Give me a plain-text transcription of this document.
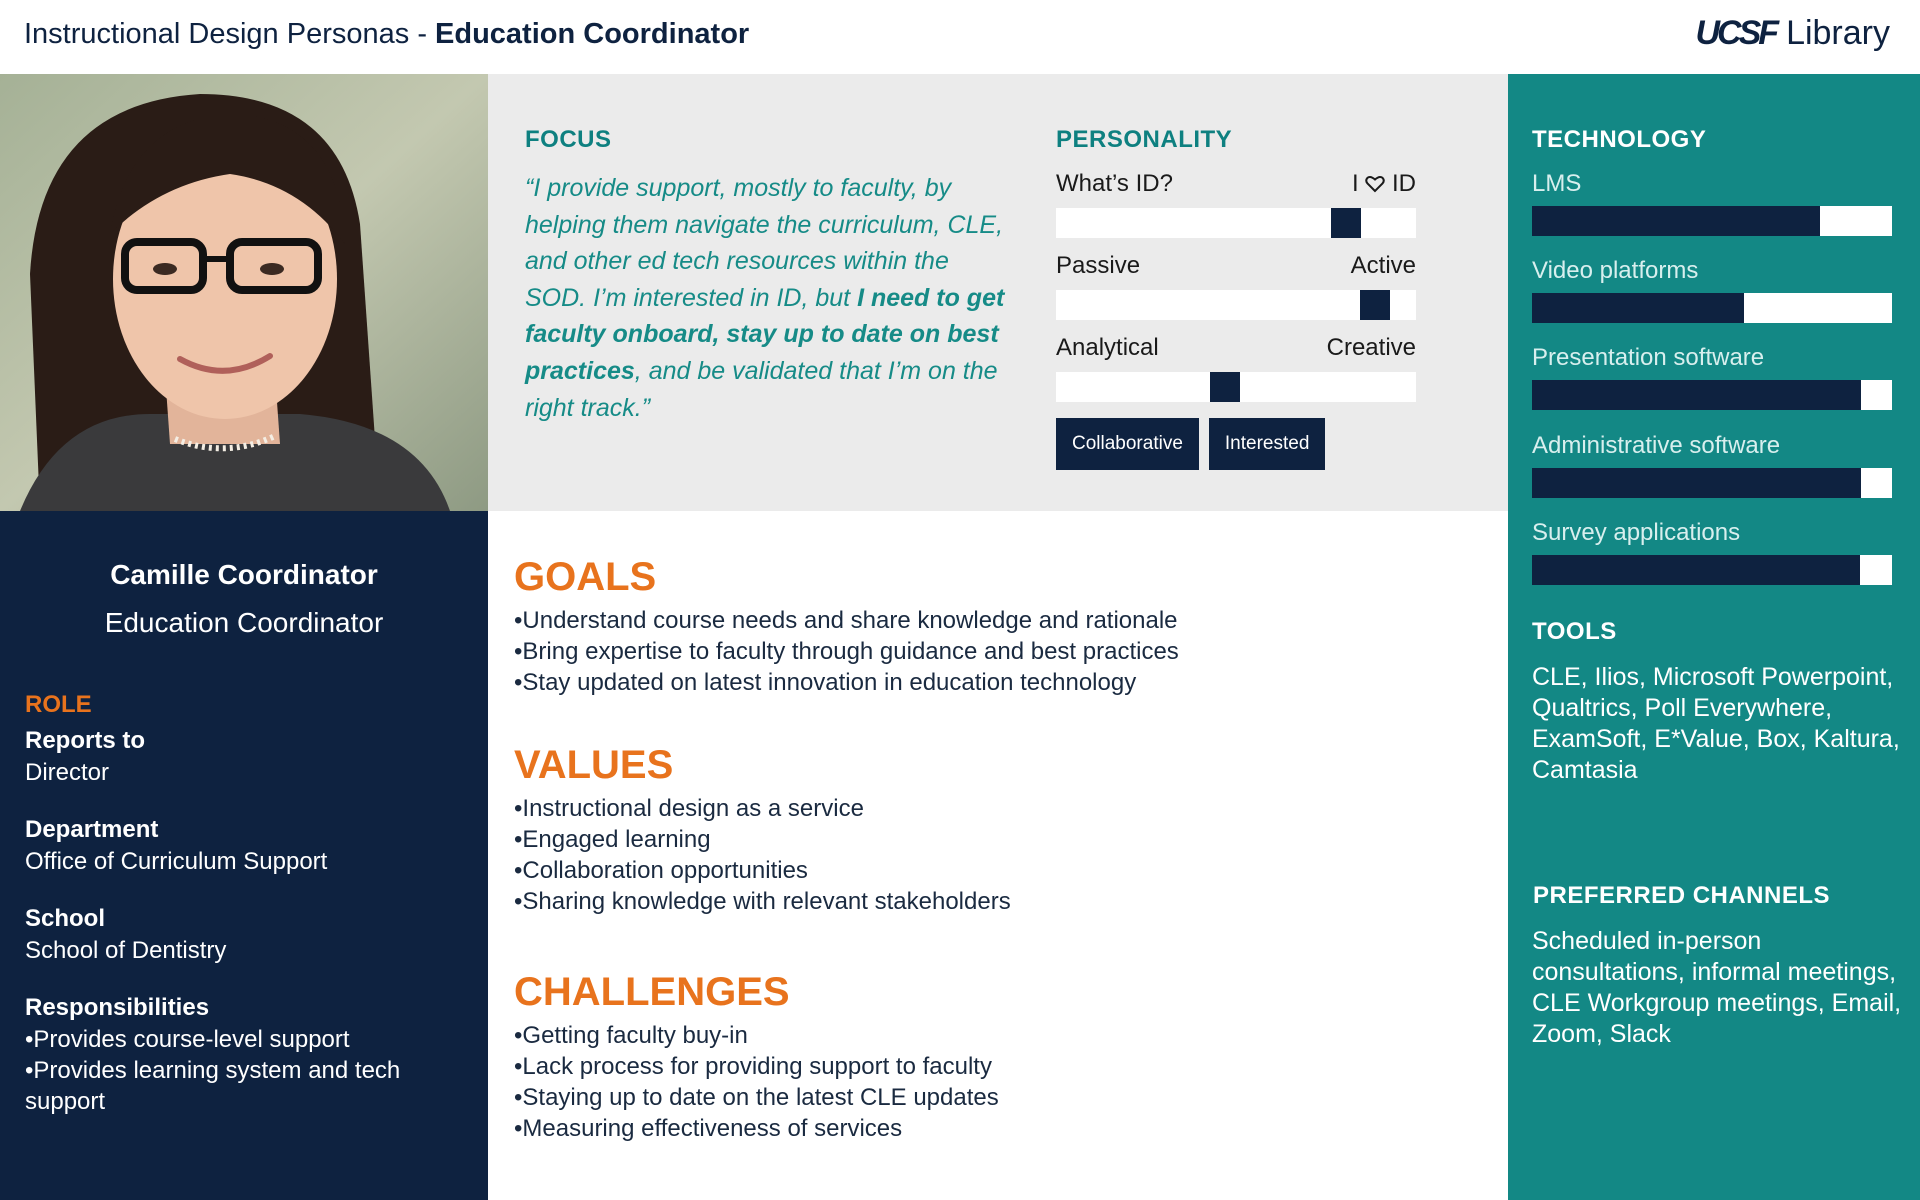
Instructional Design Personas - Education Coordinator	UCSF Library
FOCUS
“I provide support, mostly to faculty, by helping them navigate the curriculum, CLE, and other ed tech resources within the SOD. I’m interested in ID, but I need to get faculty onboard, stay up to date on best practices, and be validated that I’m on the right track.”
PERSONALITY
What’s ID?	I  ID
Passive	Active
Analytical	Creative
Collaborative	Interested
Camille Coordinator
Education Coordinator
ROLE
Reports to
Director
Department
Office of Curriculum Support
School
School of Dentistry
Responsibilities
• Provides course-level support
• Provides learning system and tech support
GOALS
• Understand course needs and share knowledge and rationale
• Bring expertise to faculty through guidance and best practices
• Stay updated on latest innovation in education technology
VALUES
• Instructional design as a service
• Engaged learning
• Collaboration opportunities
• Sharing knowledge with relevant stakeholders
CHALLENGES
• Getting faculty buy-in
• Lack process for providing support to faculty
• Staying up to date on the latest CLE updates
• Measuring effectiveness of services
TECHNOLOGY
LMS
Video platforms
Presentation software
Administrative software
Survey applications
TOOLS
CLE, Ilios, Microsoft Powerpoint, Qualtrics, Poll Everywhere, ExamSoft, E*Value, Box, Kaltura, Camtasia
PREFERRED CHANNELS
Scheduled in-person consultations, informal meetings, CLE Workgroup meetings, Email, Zoom, Slack
